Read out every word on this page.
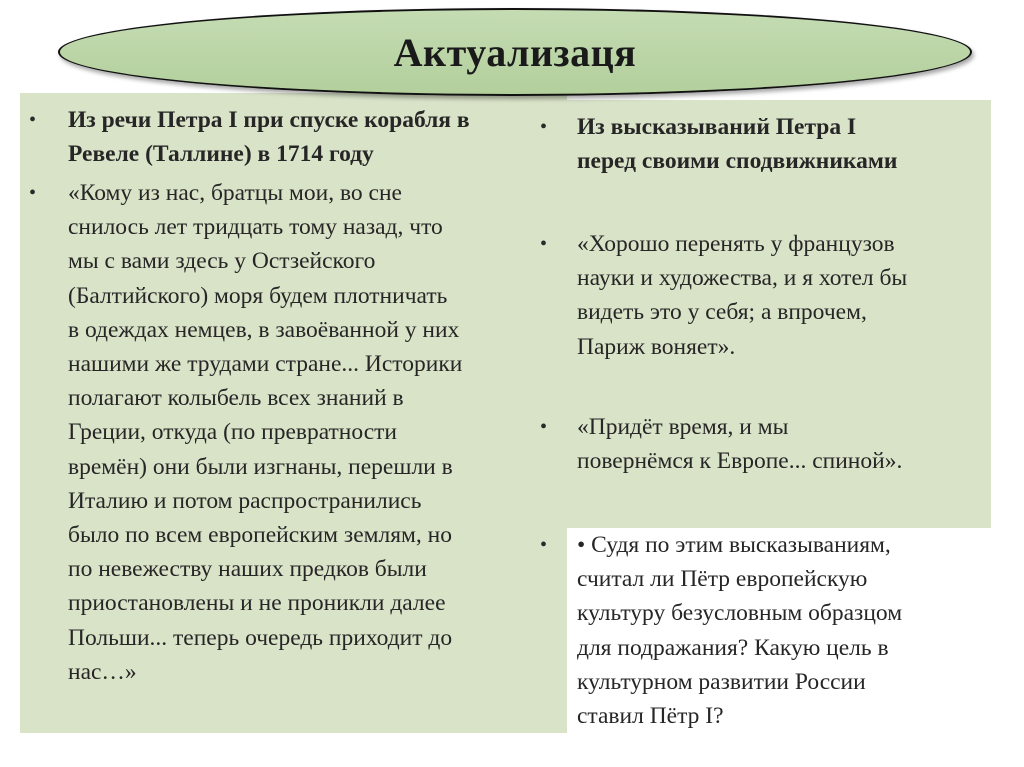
Актуализаця
• Из речи Петра I при спуске корабля в
Ревеле (Таллине) в 1714 году
• «Кому из нас, братцы мои, во сне
снилось лет тридцать тому назад, что
мы с вами здесь у Остзейского
(Балтийского) моря будем плотничать
в одеждах немцев, в завоёванной у них
нашими же трудами стране... Историки
полагают колыбель всех знаний в
Греции, откуда (по превратности
времён) они были изгнаны, перешли в
Италию и потом распространились
было по всем европейским землям, но
по невежеству наших предков были
приостановлены и не проникли далее
Польши... теперь очередь приходит до
нас…»
• Из высказываний Петра I
перед своими сподвижниками
• «Хорошо перенять у французов
науки и художества, и я хотел бы
видеть это у себя; а впрочем,
Париж воняет».
• «Придёт время, и мы
повернёмся к Европе... спиной».
• • Судя по этим высказываниям,
считал ли Пётр европейскую
культуру безусловным образцом
для подражания? Какую цель в
культурном развитии России
ставил Пётр I?
